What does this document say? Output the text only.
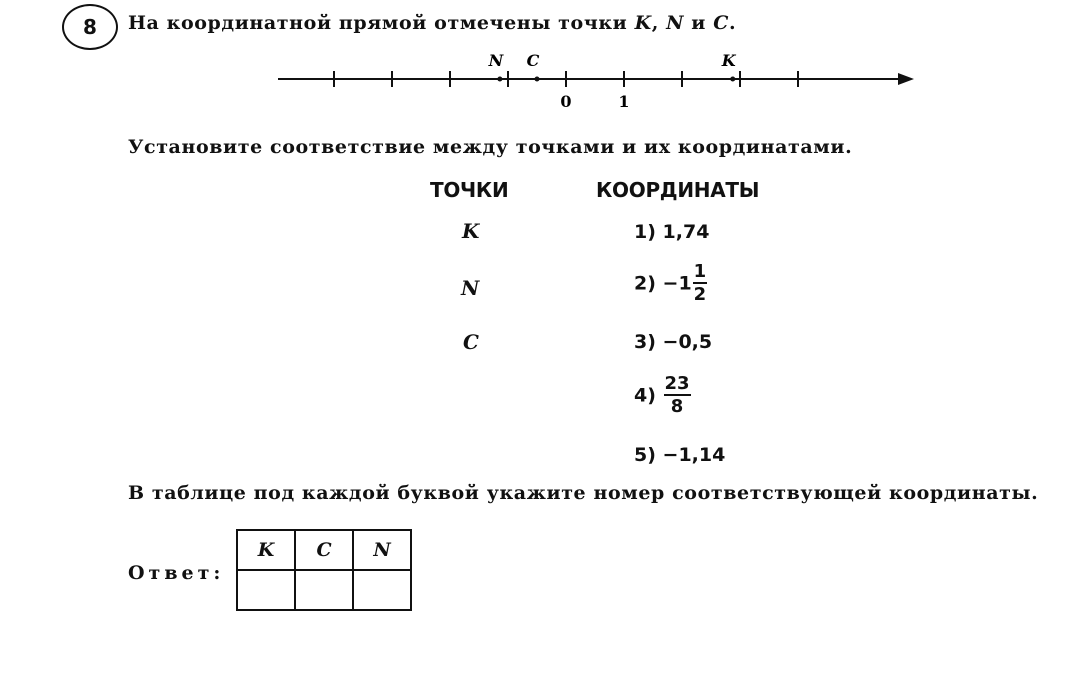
8 На координатной прямой отмечены точки K, N и C.
0	1
N C	K
Установите соответствие между точками и их координатами.
ТОЧКИ	КООРДИНАТЫ
K
N
C
1) 1,74
$2) -1 \frac{1}{2}$
3) −0,5
$4) \frac{23}{8}$
5) −1,14
В таблице под каждой буквой укажите номер соответствующей координаты.
Ответ:
K	C	N
